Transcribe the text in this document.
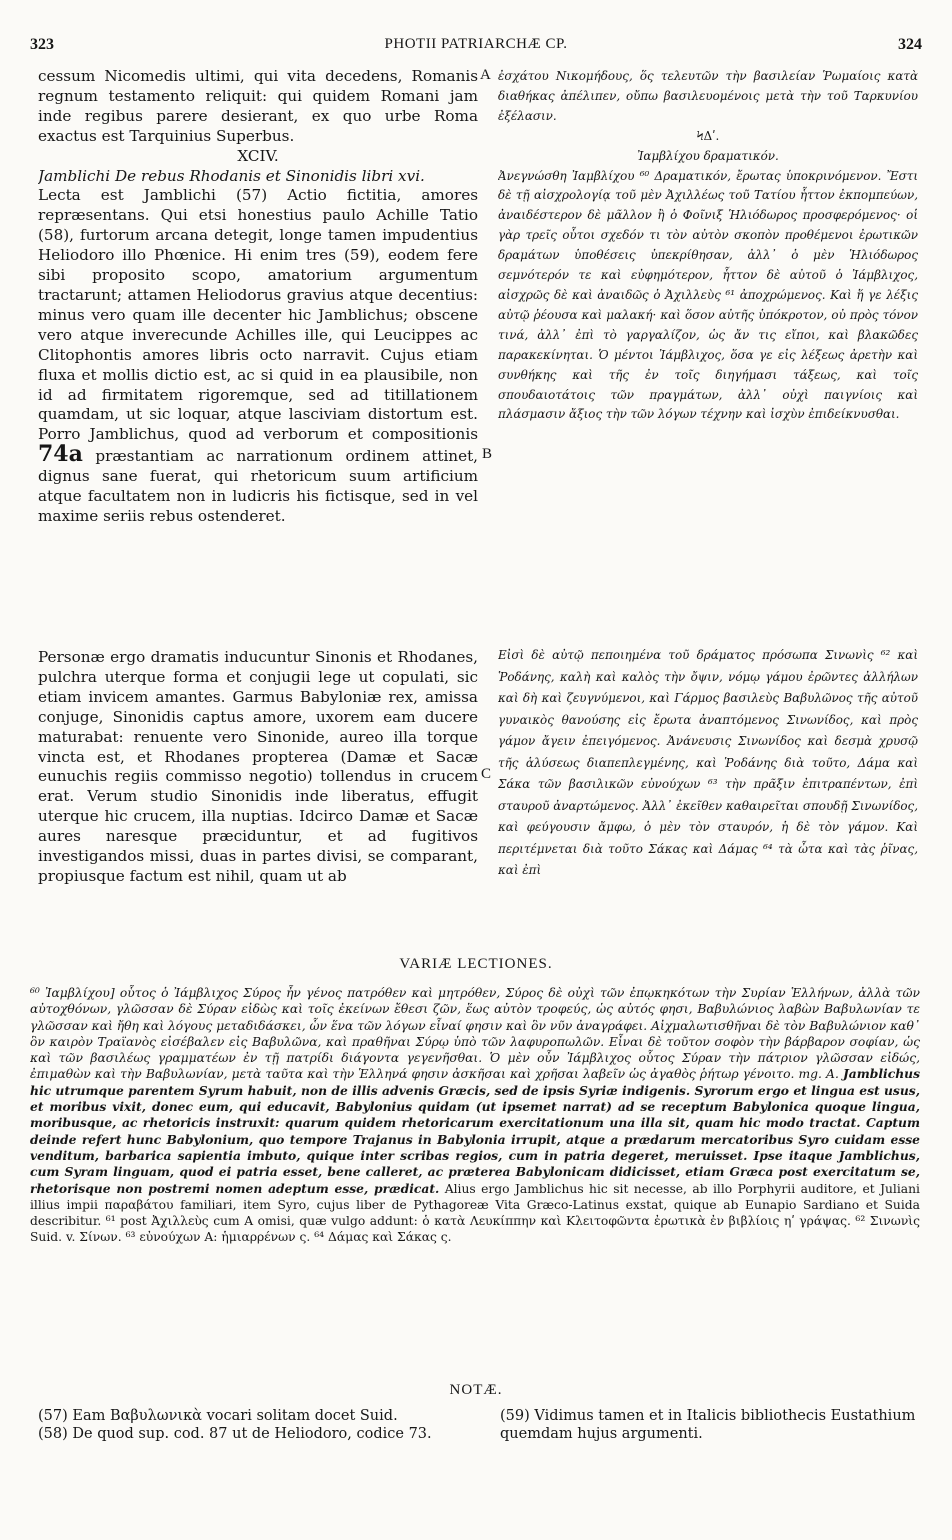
323	PHOTII PATRIARCHÆ CP.	324

cessum Nicomedis ultimi, qui vita decedens, Romanis regnum testamento reliquit: qui quidem Romani jam inde regibus parere desierant, ex quo urbe Roma exactus est Tarquinius Superbus.

XCIV.

Jamblichi De rebus Rhodanis et Sinonidis libri xvi.

Lecta est Jamblichi (57) Actio fictitia, amores repræsentans. Qui etsi honestius paulo Achille Tatio (58), furtorum arcana detegit, longe tamen impudentius Heliodoro illo Phœnice. Hi enim tres (59), eodem fere sibi proposito scopo, amatorium argumentum tractarunt; attamen Heliodorus gravius atque decentius: minus vero quam ille decenter hic Jamblichus; obscene vero atque inverecunde Achilles ille, qui Leucippes ac Clitophontis amores libris octo narravit. Cujus etiam fluxa et mollis dictio est, ac si quid in ea plausibile, non id ad firmitatem rigoremque, sed ad titillationem quamdam, ut sic loquar, atque lasciviam distortum est. Porro Jamblichus, quod ad verborum et compositionis 74a præstantiam ac narrationum ordinem attinet, dignus sane fuerat, qui rhetoricum suum artificium atque facultatem non in ludicris his fictisque, sed in vel maxime seriis rebus ostenderet.

A
B
C

ἐσχάτου Νικομήδους, ὅς τελευτῶν τὴν βασιλείαν Ῥωμαίοις κατὰ διαθήκας ἀπέλιπεν, οὔπω βασιλευομένοις μετὰ τὴν τοῦ Ταρκυνίου ἐξέλασιν.

ϞΔʹ.

Ἰαμβλίχου δραματικόν.

Ἀνεγνώσθη Ἰαμβλίχου ⁶⁰ Δραματικόν, ἔρωτας ὑποκρινόμενον. Ἔστι δὲ τῇ αἰσχρολογίᾳ τοῦ μὲν Ἀχιλλέως τοῦ Τατίου ἧττον ἐκπομπεύων, ἀναιδέστερον δὲ μᾶλλον ἢ ὁ Φοῖνιξ Ἡλιόδωρος προσφερόμενος· οἱ γὰρ τρεῖς οὗτοι σχεδόν τι τὸν αὐτὸν σκοπὸν προθέμενοι ἐρωτικῶν δραμάτων ὑποθέσεις ὑπεκρίθησαν, ἀλλ᾽ ὁ μὲν Ἡλιόδωρος σεμνότερόν τε καὶ εὐφημότερον, ἧττον δὲ αὐτοῦ ὁ Ἰάμβλιχος, αἰσχρῶς δὲ καὶ ἀναιδῶς ὁ Ἀχιλλεὺς ⁶¹ ἀποχρώμενος. Καὶ ἥ γε λέξις αὐτῷ ῥέουσα καὶ μαλακή· καὶ ὅσον αὐτῆς ὑπόκροτον, οὐ πρὸς τόνον τινά, ἀλλ᾽ ἐπὶ τὸ γαργαλίζον, ὡς ἄν τις εἴποι, καὶ βλακῶδες παρακεκίνηται. Ὁ μέντοι Ἰάμβλιχος, ὅσα γε εἰς λέξεως ἀρετὴν καὶ συνθήκης καὶ τῆς ἐν τοῖς διηγήμασι τάξεως, καὶ τοῖς σπουδαιοτάτοις τῶν πραγμάτων, ἀλλ᾽ οὐχὶ παιγνίοις καὶ πλάσμασιν ἄξιος τὴν τῶν λόγων τέχνην καὶ ἰσχὺν ἐπιδείκνυσθαι.

Personæ ergo dramatis inducuntur Sinonis et Rhodanes, pulchra uterque forma et conjugii lege ut copulati, sic etiam invicem amantes. Garmus Babyloniæ rex, amissa conjuge, Sinonidis captus amore, uxorem eam ducere maturabat: renuente vero Sinonide, aureo illa torque vincta est, et Rhodanes propterea (Damæ et Sacæ eunuchis regiis commisso negotio) tollendus in crucem erat. Verum studio Sinonidis inde liberatus, effugit uterque hic crucem, illa nuptias. Idcirco Damæ et Sacæ aures naresque præciduntur, et ad fugitivos investigandos missi, duas in partes divisi, se comparant, propiusque factum est nihil, quam ut ab

Εἰσὶ δὲ αὐτῷ πεποιημένα τοῦ δράματος πρόσωπα Σινωνὶς ⁶² καὶ Ῥοδάνης, καλὴ καὶ καλὸς τὴν ὄψιν, νόμῳ γάμου ἐρῶντες ἀλλήλων καὶ δὴ καὶ ζευγνύμενοι, καὶ Γάρμος βασιλεὺς Βαβυλῶνος τῆς αὐτοῦ γυναικὸς θανούσης εἰς ἔρωτα ἀναπτόμενος Σινωνίδος, καὶ πρὸς γάμον ἄγειν ἐπειγόμενος. Ἀνάνευσις Σινωνίδος καὶ δεσμὰ χρυσῷ τῆς ἁλύσεως διαπεπλεγμένης, καὶ Ῥοδάνης διὰ τοῦτο, Δάμα καὶ Σάκα τῶν βασιλικῶν εὐνούχων ⁶³ τὴν πρᾶξιν ἐπιτραπέντων, ἐπὶ σταυροῦ ἀναρτώμενος. Ἀλλ᾽ ἐκεῖθεν καθαιρεῖται σπουδῇ Σινωνίδος, καὶ φεύγουσιν ἄμφω, ὁ μὲν τὸν σταυρόν, ἡ δὲ τὸν γάμον. Καὶ περιτέμνεται διὰ τοῦτο Σάκας καὶ Δάμας ⁶⁴ τὰ ὦτα καὶ τὰς ῥῖνας, καὶ ἐπὶ

VARIÆ LECTIONES.

⁶⁰ Ἰαμβλίχου] οὗτος ὁ Ἰάμβλιχος Σύρος ἦν γένος πατρόθεν καὶ μητρόθεν, Σύρος δὲ οὐχὶ τῶν ἐπῳκηκότων τὴν Συρίαν Ἑλλήνων, ἀλλὰ τῶν αὐτοχθόνων, γλῶσσαν δὲ Σύραν εἰδὼς καὶ τοῖς ἐκείνων ἔθεσι ζῶν, ἕως αὐτὸν τροφεύς, ὡς αὐτός φησι, Βαβυλώνιος λαβὼν Βαβυλωνίαν τε γλῶσσαν καὶ ἤθη καὶ λόγους μεταδιδάσκει, ὧν ἕνα τῶν λόγων εἶναί φησιν καὶ ὃν νῦν ἀναγράφει. Αἰχμαλωτισθῆναι δὲ τὸν Βαβυλώνιον καθ᾽ ὃν καιρὸν Τραϊανὸς εἰσέβαλεν εἰς Βαβυλῶνα, καὶ πραθῆναι Σύρῳ ὑπὸ τῶν λαφυροπωλῶν. Εἶναι δὲ τοῦτον σοφὸν τὴν βάρβαρον σοφίαν, ὡς καὶ τῶν βασιλέως γραμματέων ἐν τῇ πατρίδι διάγοντα γεγενῆσθαι. Ὁ μὲν οὖν Ἰάμβλιχος οὗτος Σύραν τὴν πάτριον γλῶσσαν εἰδώς, ἐπιμαθὼν καὶ τὴν Βαβυλωνίαν, μετὰ ταῦτα καὶ τὴν Ἑλληνά φησιν ἀσκῆσαι καὶ χρῆσαι λαβεῖν ὡς ἀγαθὸς ῥήτωρ γένοιτο. mg. A. Jamblichus hic utrumque parentem Syrum habuit, non de illis advenis Græcis, sed de ipsis Syriæ indigenis. Syrorum ergo et lingua est usus, et moribus vixit, donec eum, qui educavit, Babylonius quidam (ut ipsemet narrat) ad se receptum Babylonica quoque lingua, moribusque, ac rhetoricis instruxit: quarum quidem rhetoricarum exercitationum una illa sit, quam hic modo tractat. Captum deinde refert hunc Babylonium, quo tempore Trajanus in Babylonia irrupit, atque a prædarum mercatoribus Syro cuidam esse venditum, barbarica sapientia imbuto, quique inter scribas regios, cum in patria degeret, meruisset. Ipse itaque Jamblichus, cum Syram linguam, quod ei patria esset, bene calleret, ac præterea Babylonicam didicisset, etiam Græca post exercitatum se, rhetorisque non postremi nomen adeptum esse, prædicat. Alius ergo Jamblichus hic sit necesse, ab illo Porphyrii auditore, et Juliani illius impii παραβάτου familiari, item Syro, cujus liber de Pythagoreæ Vita Græco-Latinus exstat, quique ab Eunapio Sardiano et Suida describitur. ⁶¹ post Ἀχιλλεὺς cum A omisi, quæ vulgo addunt: ὁ κατὰ Λευκίππην καὶ Κλειτοφῶντα ἐρωτικὰ ἐν βιβλίοις ηʹ γράψας. ⁶² Σινωνὶς Suid. v. Σίνων. ⁶³ εὐνούχων A: ἡμιαρρένων ς. ⁶⁴ Δάμας καὶ Σάκας ς.

NOTÆ.

(57) Eam Βαβυλωνικὰ vocari solitam docet Suid.

(58) De quod sup. cod. 87 ut de Heliodoro, codice 73.

(59) Vidimus tamen et in Italicis bibliothecis Eustathium quemdam hujus argumenti.
